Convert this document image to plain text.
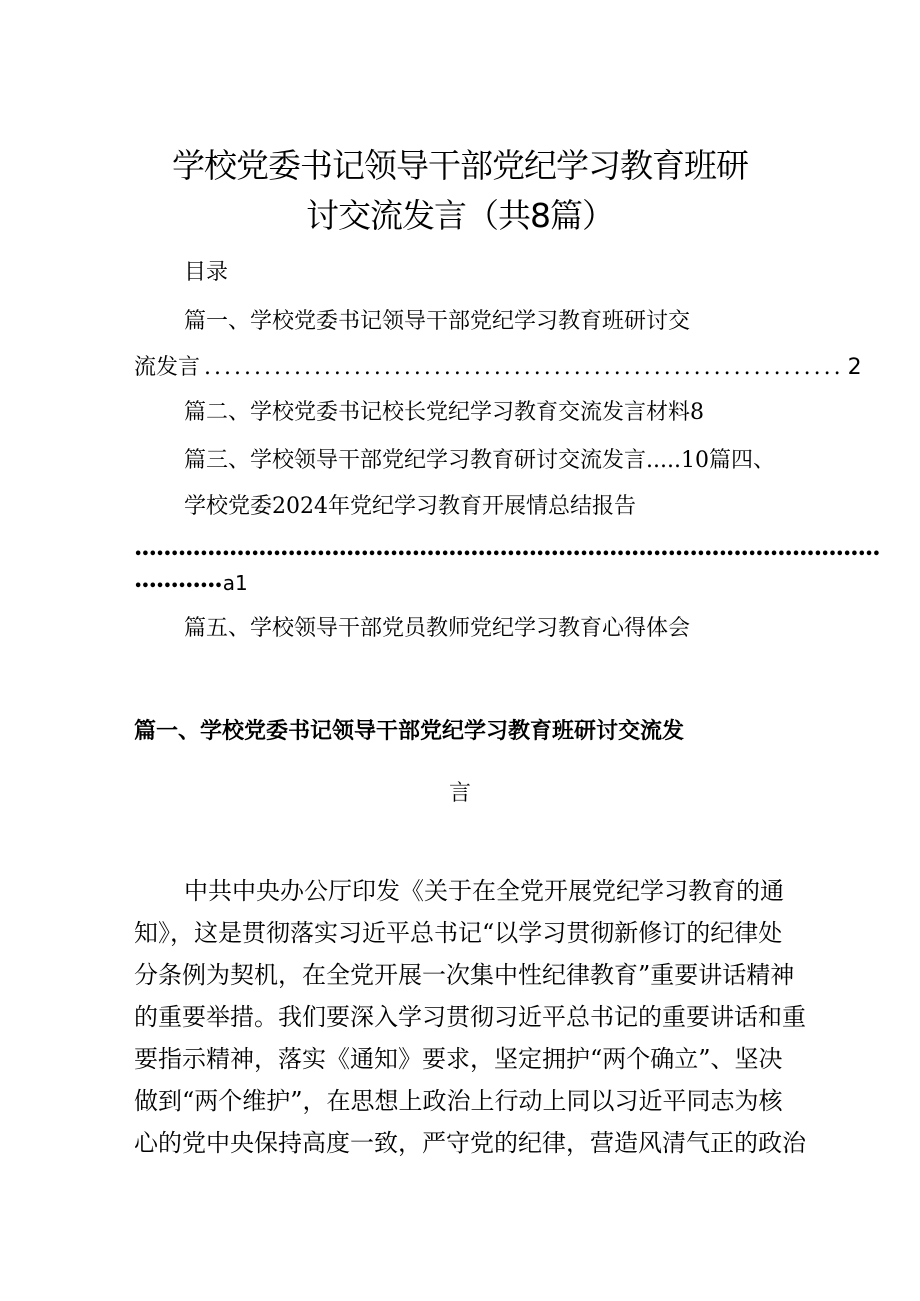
学校党委书记领导干部党纪学习教育班研
讨交流发言（共8篇）
目录
篇一、学校党委书记领导干部党纪学习教育班研讨交
流发言 ................................................................ 2
篇二、学校党委书记校长党纪学习教育交流发言材料8
篇三、学校领导干部党纪学习教育研讨交流发言.....10篇四、
学校党委2024年党纪学习教育开展情总结报告
••••••••••••••••••••••••••••••••••••••••••••••••••••••••••••••••••••••••••••••••••••••••••••••••••••••
•••••••••••• a1
篇五、学校领导干部党员教师党纪学习教育心得体会
篇一、学校党委书记领导干部党纪学习教育班研讨交流发
言
中共中央办公厅印发《关于在全党开展党纪学习教育的通
知》，这是贯彻落实习近平总书记“以学习贯彻新修订的纪律处
分条例为契机，在全党开展一次集中性纪律教育”重要讲话精神
的重要举措。我们要深入学习贯彻习近平总书记的重要讲话和重
要指示精神，落实《通知》要求，坚定拥护“两个确立”、坚决
做到“两个维护”，在思想上政治上行动上同以习近平同志为核
心的党中央保持高度一致，严守党的纪律，营造风清气正的政治
